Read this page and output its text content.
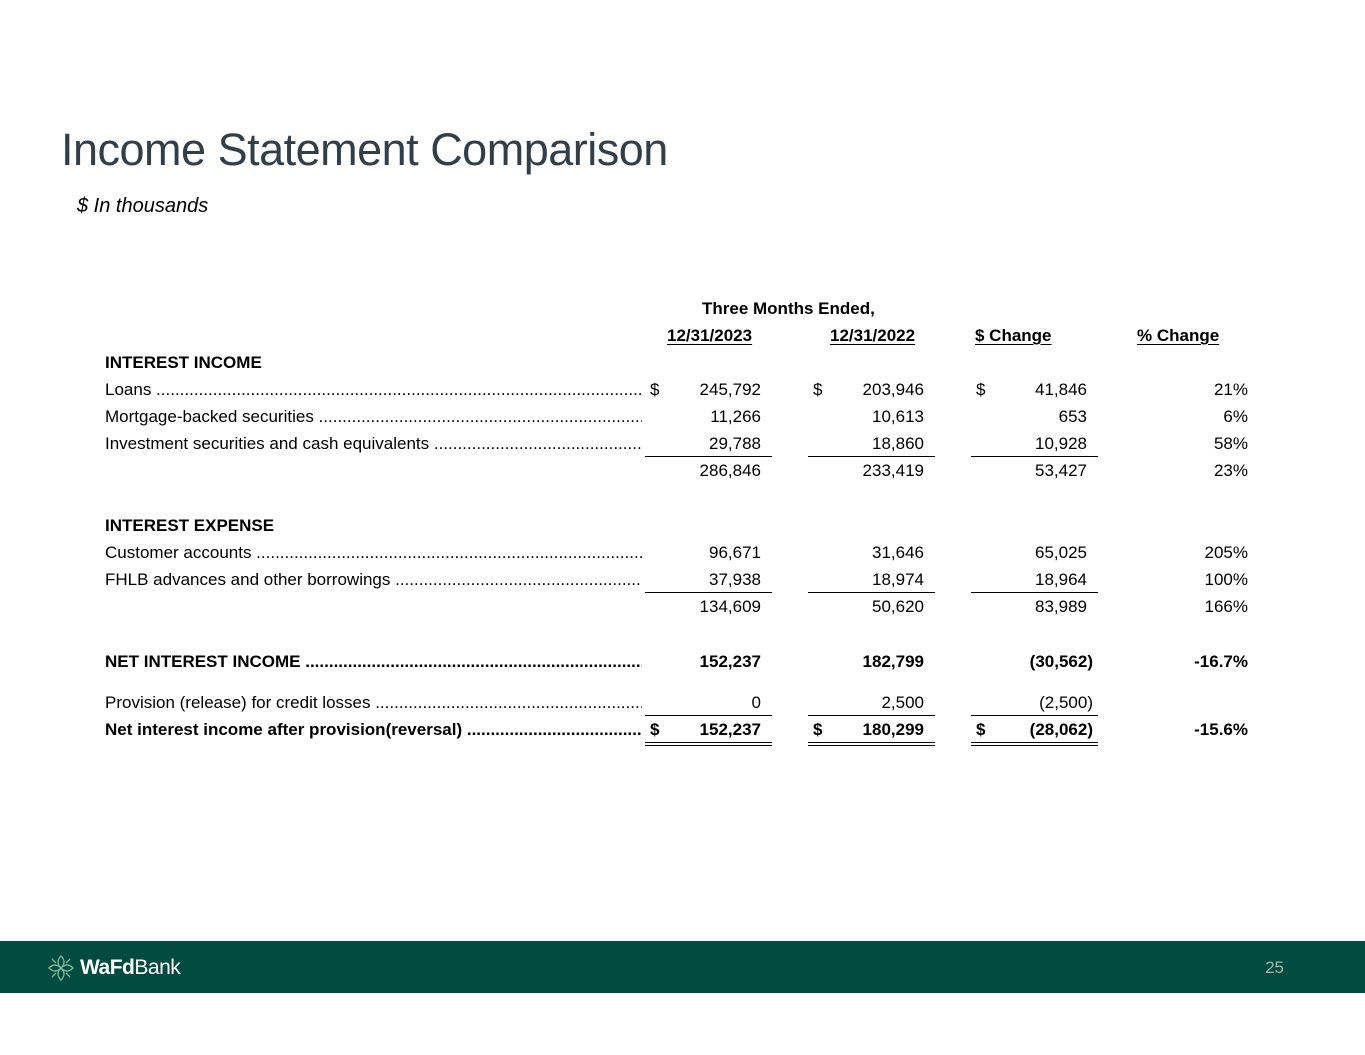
Income Statement Comparison
$ In thousands
Three Months Ended,
12/31/2023	12/31/2022	$ Change	% Change
INTEREST INCOME
Loans .....	$	245,792	$	203,946	$	41,846	21%
Mortgage-backed securities .....	11,266	10,613	653	6%
Investment securities and cash equivalents .....	29,788	18,860	10,928	58%
286,846	233,419	53,427	23%
INTEREST EXPENSE
Customer accounts .....	96,671	31,646	65,025	205%
FHLB advances and other borrowings .....	37,938	18,974	18,964	100%
134,609	50,620	83,989	166%
NET INTEREST INCOME .....	152,237	182,799	(30,562)	-16.7%
Provision (release) for credit losses .....	0	2,500	(2,500)
Net interest income after provision(reversal) .....	$	152,237	$	180,299	$	(28,062)	-15.6%
WaFdBank	25
